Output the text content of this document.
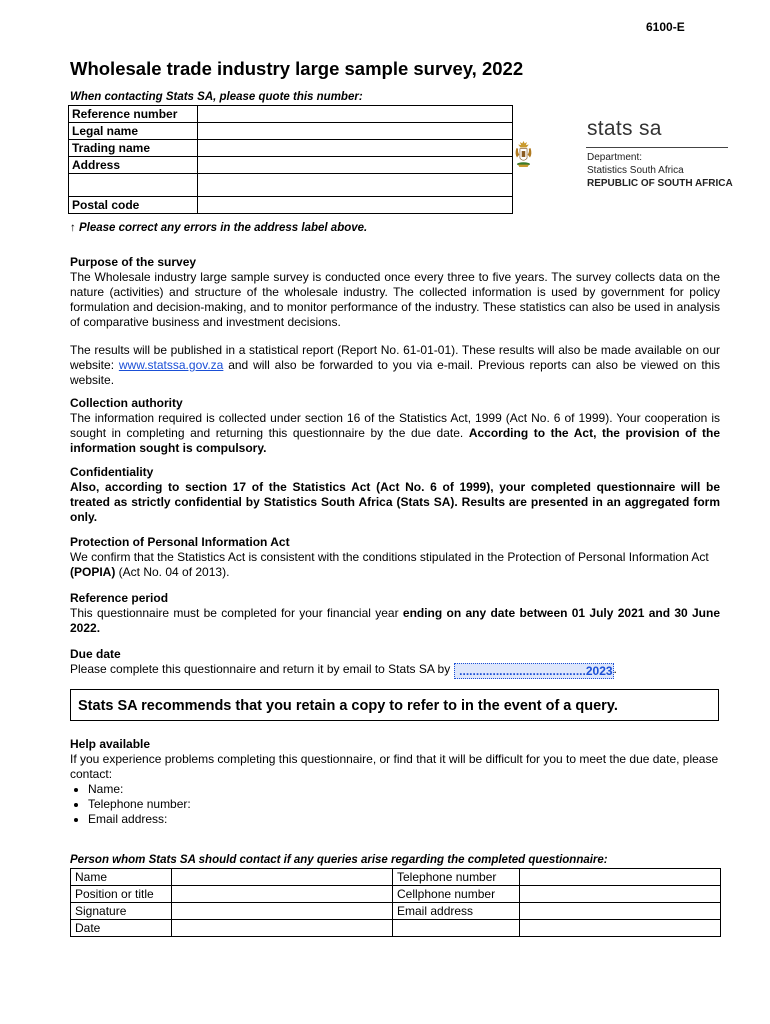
6100-E
Wholesale trade industry large sample survey, 2022
When contacting Stats SA, please quote this number:
Reference number	
Legal name	
Trading name	
Address	

Postal code	
↑ Please correct any errors in the address label above.
stats sa
Department:
Statistics South Africa
REPUBLIC OF SOUTH AFRICA
Purpose of the survey

The Wholesale industry large sample survey is conducted once every three to five years. The survey collects data on the nature (activities) and structure of the wholesale industry. The collected information is used by government for policy formulation and decision-making, and to monitor performance of the industry. These statistics can also be used in analysis of comparative business and investment decisions.

The results will be published in a statistical report (Report No. 61-01-01). These results will also be made available on our website: www.statssa.gov.za and will also be forwarded to you via e-mail. Previous reports can also be viewed on this website.

Collection authority

The information required is collected under section 16 of the Statistics Act, 1999 (Act No. 6 of 1999). Your cooperation is sought in completing and returning this questionnaire by the due date. According to the Act, the provision of the information sought is compulsory.

Confidentiality

Also, according to section 17 of the Statistics Act (Act No. 6 of 1999), your completed questionnaire will be treated as strictly confidential by Statistics South Africa (Stats SA). Results are presented in an aggregated form only.

Protection of Personal Information Act

We confirm that the Statistics Act is consistent with the conditions stipulated in the Protection of Personal Information Act (POPIA) (Act No. 04 of 2013).

Reference period

This questionnaire must be completed for your financial year ending on any date between 01 July 2021 and 30 June 2022.

Due date

Please complete this questionnaire and return it by email to Stats SA by ......................................2023.

Stats SA recommends that you retain a copy to refer to in the event of a query.
Help available

If you experience problems completing this questionnaire, or find that it will be difficult for you to meet the due date, please contact:

• Name:
• Telephone number:
• Email address:
Person whom Stats SA should contact if any queries arise regarding the completed questionnaire:
Name		Telephone number	
Position or title		Cellphone number	
Signature		Email address	
Date			
